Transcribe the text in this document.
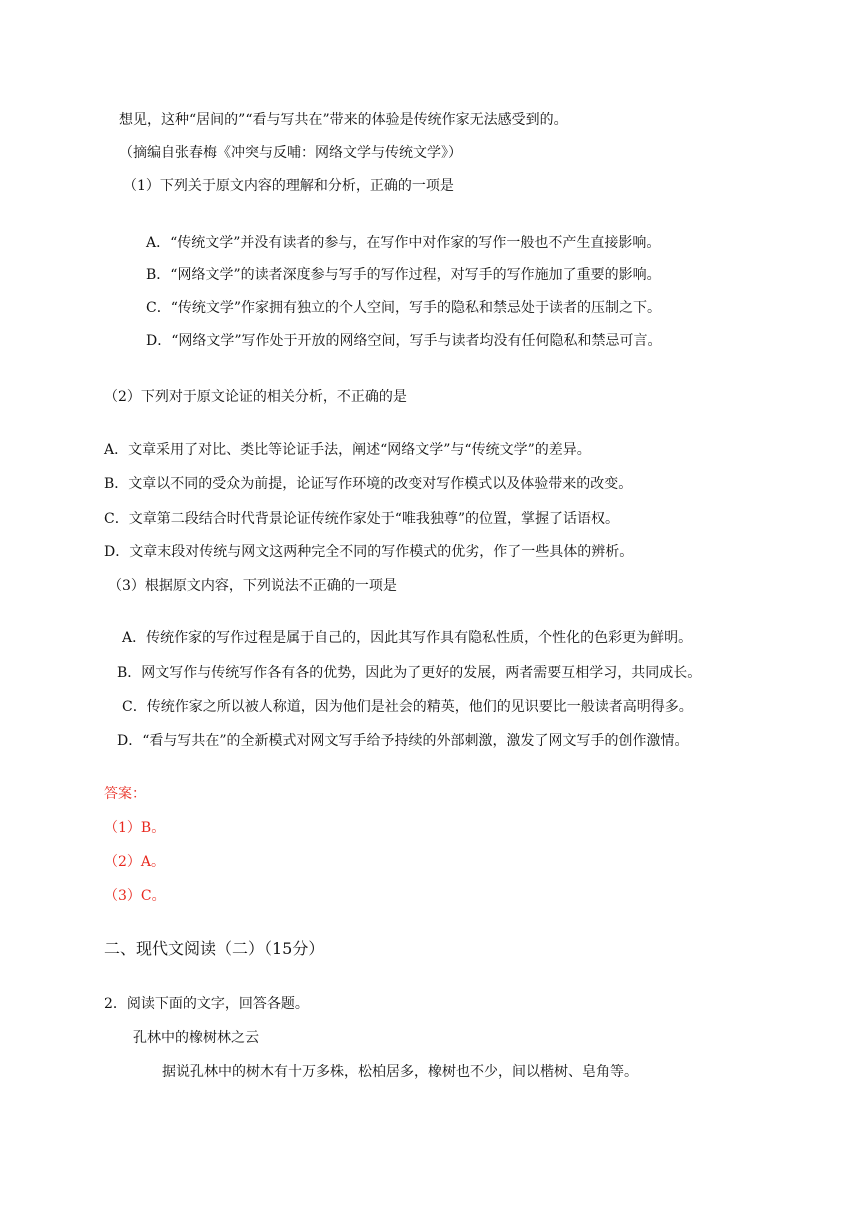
想见，这种“居间的”“看与写共在”带来的体验是传统作家无法感受到的。
（摘编自张春梅《冲突与反哺：网络文学与传统文学》）
（1）下列关于原文内容的理解和分析，正确的一项是
A．“传统文学”并没有读者的参与，在写作中对作家的写作一般也不产生直接影响。
B．“网络文学”的读者深度参与写手的写作过程，对写手的写作施加了重要的影响。
C．“传统文学”作家拥有独立的个人空间，写手的隐私和禁忌处于读者的压制之下。
D．“网络文学”写作处于开放的网络空间，写手与读者均没有任何隐私和禁忌可言。
（2）下列对于原文论证的相关分析，不正确的是
A．文章采用了对比、类比等论证手法，阐述“网络文学”与“传统文学”的差异。
B．文章以不同的受众为前提，论证写作环境的改变对写作模式以及体验带来的改变。
C．文章第二段结合时代背景论证传统作家处于“唯我独尊”的位置，掌握了话语权。
D．文章末段对传统与网文这两种完全不同的写作模式的优劣，作了一些具体的辨析。
（3）根据原文内容，下列说法不正确的一项是
A．传统作家的写作过程是属于自己的，因此其写作具有隐私性质，个性化的色彩更为鲜明。
B．网文写作与传统写作各有各的优势，因此为了更好的发展，两者需要互相学习，共同成长。
C．传统作家之所以被人称道，因为他们是社会的精英，他们的见识要比一般读者高明得多。
D．“看与写共在”的全新模式对网文写手给予持续的外部刺激，激发了网文写手的创作激情。
答案：
（1）B。
（2）A。
（3）C。
二、现代文阅读（二）（15分）
2．阅读下面的文字，回答各题。
孔林中的橡树林之云
据说孔林中的树木有十万多株，松柏居多，橡树也不少，间以楷树、皂角等。
